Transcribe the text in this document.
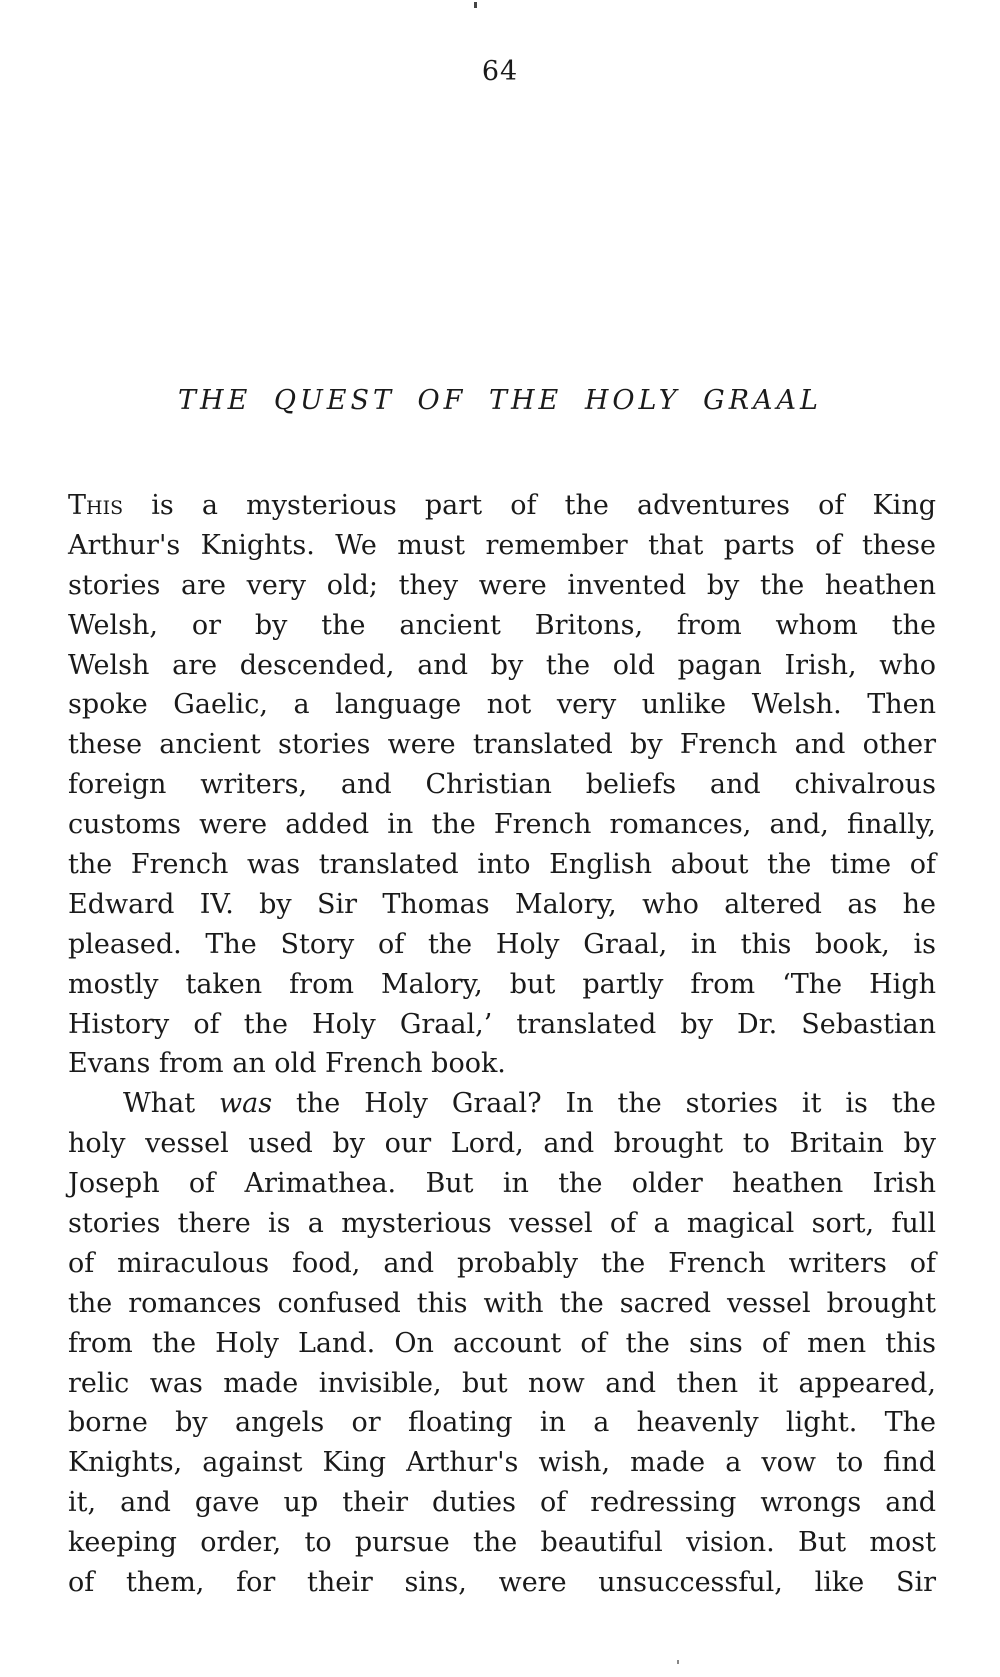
64
THE QUEST OF THE HOLY GRAAL
This is a mysterious part of the adventures of King
Arthur's Knights. We must remember that parts of these
stories are very old; they were invented by the heathen
Welsh, or by the ancient Britons, from whom the
Welsh are descended, and by the old pagan Irish, who
spoke Gaelic, a language not very unlike Welsh. Then
these ancient stories were translated by French and other
foreign writers, and Christian beliefs and chivalrous
customs were added in the French romances, and, finally,
the French was translated into English about the time of
Edward IV. by Sir Thomas Malory, who altered as he
pleased. The Story of the Holy Graal, in this book, is
mostly taken from Malory, but partly from ‘The High
History of the Holy Graal,’ translated by Dr. Sebastian
Evans from an old French book.
What was the Holy Graal? In the stories it is the
holy vessel used by our Lord, and brought to Britain by
Joseph of Arimathea. But in the older heathen Irish
stories there is a mysterious vessel of a magical sort, full
of miraculous food, and probably the French writers of
the romances confused this with the sacred vessel brought
from the Holy Land. On account of the sins of men this
relic was made invisible, but now and then it appeared,
borne by angels or floating in a heavenly light. The
Knights, against King Arthur's wish, made a vow to find
it, and gave up their duties of redressing wrongs and
keeping order, to pursue the beautiful vision. But most
of them, for their sins, were unsuccessful, like Sir
